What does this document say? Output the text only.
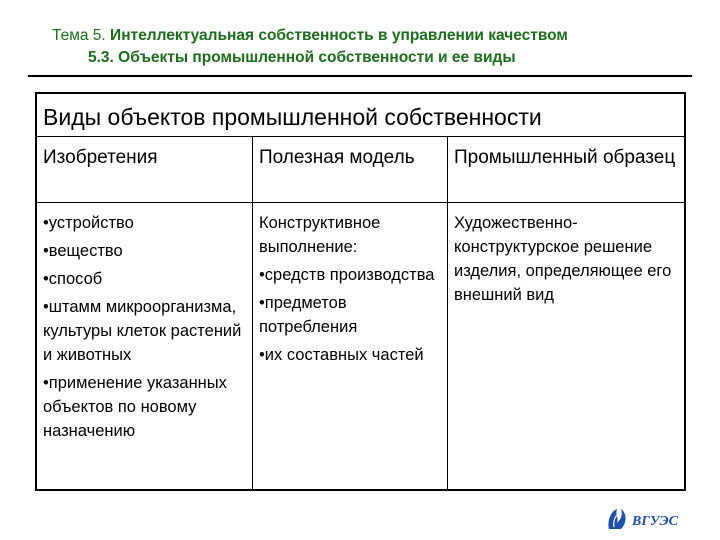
Тема 5. Интеллектуальная собственность в управлении качеством
5.3. Объекты промышленной собственности и ее виды
Виды объектов промышленной собственности
Изобретения
•устройство
•вещество
•способ
•штамм микроорганизма, культуры клеток растений и животных
•применение указанных объектов по новому назначению
Полезная модель
Конструктивное выполнение:
•средств производства
•предметов потребления
•их составных частей
Промышленный образец
Художественно-конструктурское решение изделия, определяющее его внешний вид
ВГУЭС
